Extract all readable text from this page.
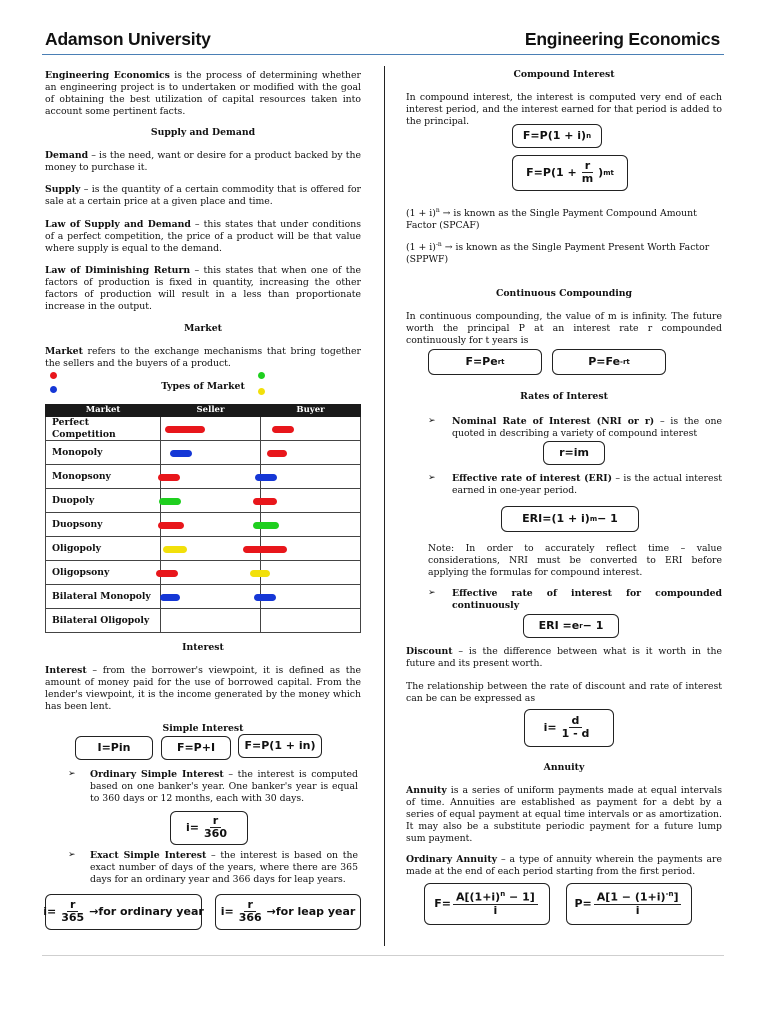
Adamson University	Engineering Economics
Engineering Economics is the process of determining whether an engineering project is to undertaken or modified with the goal of obtaining the best utilization of capital resources taken into account some pertinent facts.
Supply and Demand
Demand – is the need, want or desire for a product backed by the money to purchase it.
Supply – is the quantity of a certain commodity that is offered for sale at a certain price at a given place and time.
Law of Supply and Demand – this states that under conditions of a perfect competition, the price of a product will be that value where supply is equal to the demand.
Law of Diminishing Return – this states that when one of the factors of production is fixed in quantity, increasing the other factors of production will result in a less than proportionate increase in the output.
Market
Market refers to the exchange mechanisms that bring together the sellers and the buyers of a product.
Types of Market
Market	Seller	Buyer
Perfect Competition	

Monopoly	

Monopsony	

Duopoly	

Duopsony	

Oligopoly	

Oligopsony	

Bilateral Monopoly	

Bilateral Oligopoly		
Interest
Interest – from the borrower's viewpoint, it is defined as the amount of money paid for the use of borrowed capital. From the lender's viewpoint, it is the income generated by the money which has been lent.
Simple Interest
I=Pin	F=P+I	F=P(1 + in)
➢ Ordinary Simple Interest – the interest is computed based on one banker's year. One banker's year is equal to 360 days or 12 months, each with 30 days.
$i= \frac{r}{360}$
➢ Exact Simple Interest – the interest is based on the exact number of days of the years, where there are 365 days for an ordinary year and 366 days for leap years.
$i= \frac{r}{365} \to for$ ordinary year $i= \frac{r}{366} \to for$ leap year
Compound Interest
In compound interest, the interest is computed very end of each interest period, and the interest earned for that period is added to the principal.
F=P(1 + i) n
$F=P(1 + \frac{r}{m}$ ) mt
$(1 + i)^n$ → is known as the Single Payment Compound Amount Factor (SPCAF)
$(1 + i)^{-n}$ → is known as the Single Payment Present Worth Factor (SPPWF)
Continuous Compounding
In continuous compounding, the value of m is infinity. The future worth the principal P at an interest rate r compounded continuously for t years is
F=Pe rt	P=Fe -rt
Rates of Interest
➢ Nominal Rate of Interest (NRI or r) – is the one quoted in describing a variety of compound interest
r=im
➢ Effective rate of interest (ERI) – is the actual interest earned in one-year period.
ERI=(1 + i) m − 1
Note: In order to accurately reflect time – value considerations, NRI must be converted to ERI before applying the formulas for compound interest.
➢ Effective rate of interest for compounded continuously
ERI =e r − 1
Discount – is the difference between what is it worth in the future and its present worth.
The relationship between the rate of discount and rate of interest can be can be expressed as
$i= \frac{d}{1 - d}$
Annuity
Annuity is a series of uniform payments made at equal intervals of time. Annuities are established as payment for a debt by a series of equal payment at equal time intervals or as amortization. It may also be a substitute periodic payment for a future lump sum payment.
Ordinary Annuity – a type of annuity wherein the payments are made at the end of each period starting from the first period.
$F= \frac{A[(1+i)^n - 1]}{i}$	$P= \frac{A[1 - (1+i)^{-n}]}{i}$
